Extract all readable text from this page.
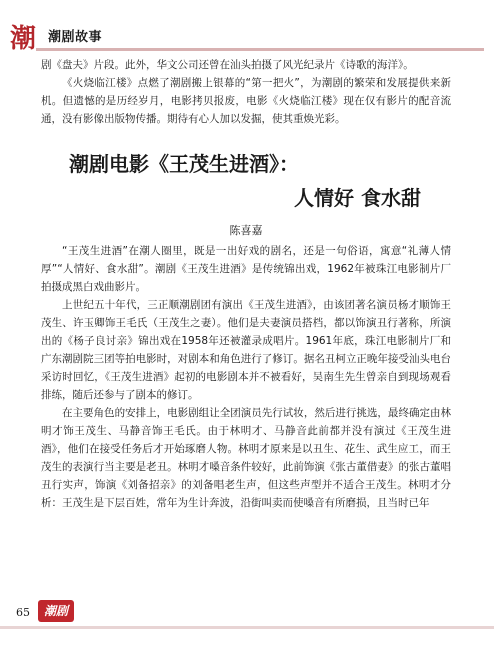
潮 潮剧故事

剧《盘夫》片段。此外，华文公司还曾在汕头拍摄了风光纪录片《诗歌的海洋》。

《火烧临江楼》点燃了潮剧搬上银幕的“第一把火”，为潮剧的繁荣和发展提供来新机。但遗憾的是历经岁月，电影拷贝报废，电影《火烧临江楼》现在仅有影片的配音流通，没有影像出版物传播。期待有心人加以发掘，使其重焕光彩。

潮剧电影《王茂生进酒》：
人情好 食水甜
陈喜嘉

“王茂生进酒”在潮人圈里，既是一出好戏的剧名，还是一句俗语，寓意“礼薄人情厚”“人情好、食水甜”。潮剧《王茂生进酒》是传统锦出戏，1962年被珠江电影制片厂拍摄成黑白戏曲影片。

上世纪五十年代，三正顺潮剧团有演出《王茂生进酒》，由该团著名演员杨才顺饰王茂生、许玉卿饰王毛氏（王茂生之妻）。他们是夫妻演员搭档，都以饰演丑行著称，所演出的《杨子良讨亲》锦出戏在1958年还被灌录成唱片。1961年底，珠江电影制片厂和广东潮剧院三团等拍电影时，对剧本和角色进行了修订。据名丑柯立正晚年接受汕头电台采访时回忆，《王茂生进酒》起初的电影剧本并不被看好，吴南生先生曾亲自到现场观看排练，随后还参与了剧本的修订。

在主要角色的安排上，电影剧组让全团演员先行试妆，然后进行挑选，最终确定由林明才饰王茂生、马静音饰王毛氏。由于林明才、马静音此前都并没有演过《王茂生进酒》，他们在接受任务后才开始琢磨人物。林明才原来是以丑生、花生、武生应工，而王茂生的表演行当主要是老丑。林明才嗓音条件较好，此前饰演《张古董借妻》的张古董唱丑行实声，饰演《刘备招亲》的刘备唱老生声，但这些声型并不适合王茂生。林明才分析：王茂生是下层百姓，常年为生计奔波，沿街叫卖而使嗓音有所磨损，且当时已年

65	潮剧
